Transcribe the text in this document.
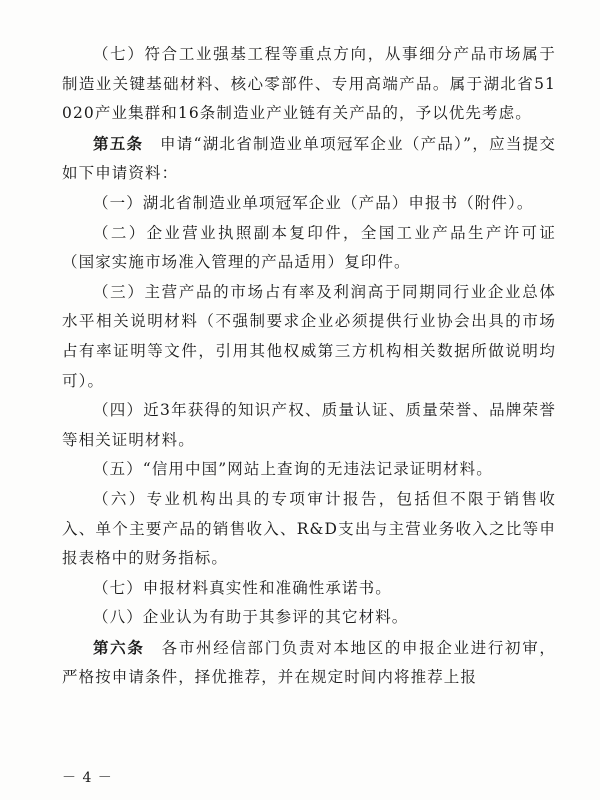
（七）符合工业强基工程等重点方向，从事细分产品市场属于制造业关键基础材料、核心零部件、专用高端产品。属于湖北省51020产业集群和16条制造业产业链有关产品的，予以优先考虑。

第五条　申请“湖北省制造业单项冠军企业（产品）”，应当提交如下申请资料：

（一）湖北省制造业单项冠军企业（产品）申报书（附件）。

（二）企业营业执照副本复印件，全国工业产品生产许可证（国家实施市场准入管理的产品适用）复印件。

（三）主营产品的市场占有率及利润高于同期同行业企业总体水平相关说明材料（不强制要求企业必须提供行业协会出具的市场占有率证明等文件，引用其他权威第三方机构相关数据所做说明均可）。

（四）近3年获得的知识产权、质量认证、质量荣誉、品牌荣誉等相关证明材料。

（五）“信用中国”网站上查询的无违法记录证明材料。

（六）专业机构出具的专项审计报告，包括但不限于销售收入、单个主要产品的销售收入、R&D支出与主营业务收入之比等申报表格中的财务指标。

（七）申报材料真实性和准确性承诺书。

（八）企业认为有助于其参评的其它材料。

第六条　各市州经信部门负责对本地区的申报企业进行初审，严格按申请条件，择优推荐，并在规定时间内将推荐上报

－ 4 －
